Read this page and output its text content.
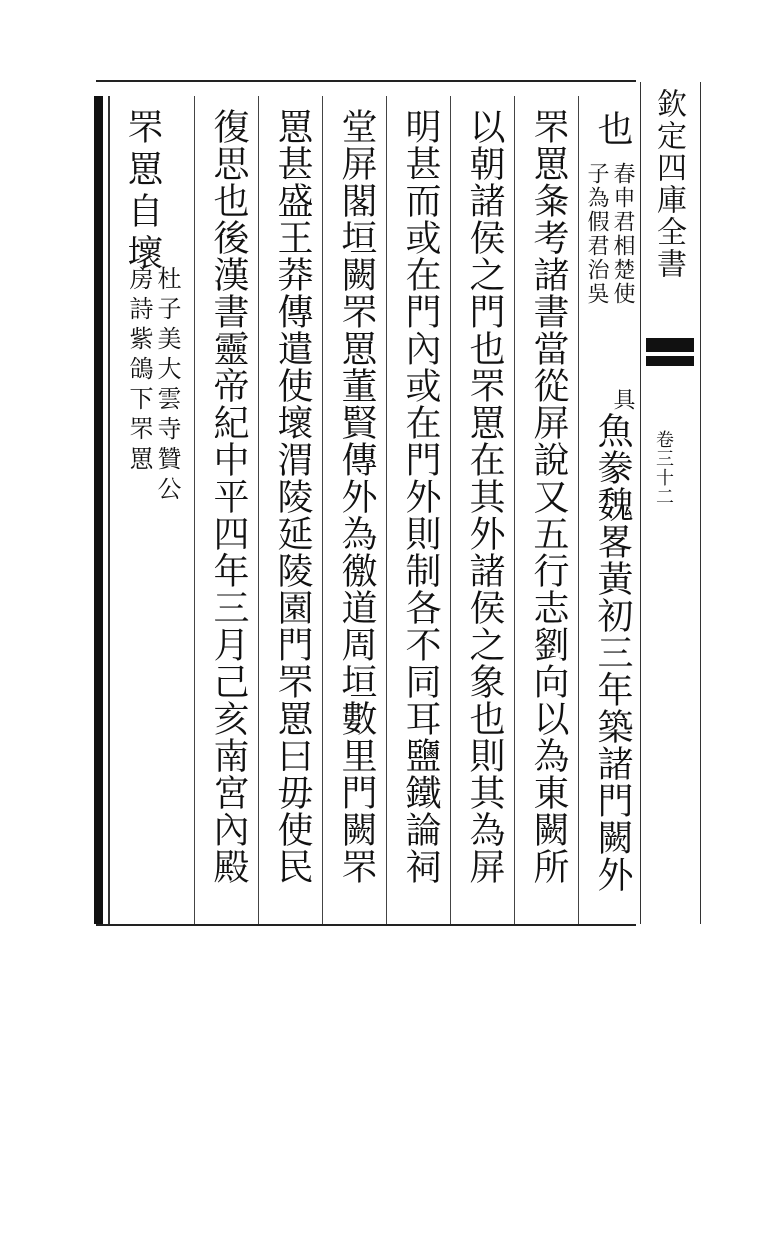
欽定四庫全書
卷三十二
也
春申君相楚使
子為假君治吳
具
魚豢魏畧黃初三年築諸門闕外
罘罳夈考諸書當從屏說又五行志劉向以為東闕所
以朝諸侯之門也罘罳在其外諸侯之象也則其為屏
明甚而或在門內或在門外則制各不同耳鹽鐵論祠
堂屏閣垣闕罘罳董賢傳外為徼道周垣數里門闕罘
罳甚盛王莽傳遣使壞渭陵延陵園門罘罳曰毋使民
復思也後漢書靈帝紀中平四年三月己亥南宮內殿
罘罳自壞
杜子美大雲寺贊公
房詩紫鴿下罘罳
